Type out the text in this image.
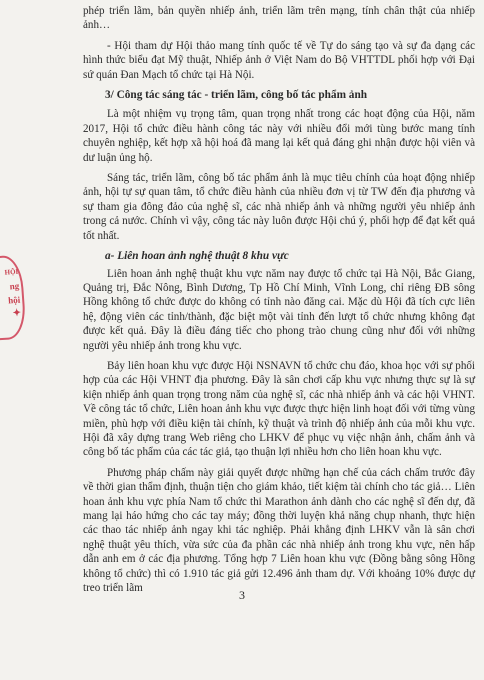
HỘI
ng
hội
✦

phép triển lãm, bản quyền nhiếp ảnh, triển lãm trên mạng, tính chân thật của nhiếp ảnh…

- Hội tham dự Hội thảo mang tính quốc tế về Tự do sáng tạo và sự đa dạng các hình thức biểu đạt Mỹ thuật, Nhiếp ảnh ở Việt Nam do Bộ VHTTDL phối hợp với Đại sứ quán Đan Mạch tổ chức tại Hà Nội.

3/ Công tác sáng tác - triển lãm, công bố tác phẩm ảnh

Là một nhiệm vụ trọng tâm, quan trọng nhất trong các hoạt động của Hội, năm 2017, Hội tổ chức điều hành công tác này với nhiều đổi mới tùng bước mang tính chuyên nghiệp, kết hợp xã hội hoá đã mang lại kết quả đáng ghi nhận được hội viên và dư luận ủng hộ.

Sáng tác, triển lãm, công bố tác phẩm ảnh là mục tiêu chính của hoạt động nhiếp ảnh, hội tự sự quan tâm, tổ chức điều hành của nhiều đơn vị từ TW đến địa phương và sự tham gia đông đảo của nghệ sĩ, các nhà nhiếp ảnh và những người yêu nhiếp ảnh trong cả nước. Chính vì vậy, công tác này luôn được Hội chú ý, phối hợp để đạt kết quả tốt nhất.

a- Liên hoan ảnh nghệ thuật 8 khu vực

Liên hoan ảnh nghệ thuật khu vực năm nay được tổ chức tại Hà Nội, Bắc Giang, Quảng trị, Đắc Nông, Bình Dương, Tp Hồ Chí Minh, Vĩnh Long, chỉ riêng ĐB sông Hồng không tổ chức được do không có tỉnh nào đăng cai. Mặc dù Hội đã tích cực liên hệ, động viên các tỉnh/thành, đặc biệt một vài tỉnh đến lượt tổ chức nhưng không đạt được kết quả. Đây là điều đáng tiếc cho phong trào chung cũng như đối với những người yêu nhiếp ảnh trong khu vực.

Bảy liên hoan khu vực được Hội NSNAVN tổ chức chu đáo, khoa học với sự phối hợp của các Hội VHNT địa phương. Đây là sân chơi cấp khu vực nhưng thực sự là sự kiện nhiếp ảnh quan trọng trong năm của nghệ sĩ, các nhà nhiếp ảnh và các hội VHNT. Về công tác tổ chức, Liên hoan ảnh khu vực được thực hiện linh hoạt đối với từng vùng miền, phù hợp với điều kiện tài chính, kỹ thuật và trình độ nhiếp ảnh của mỗi khu vực. Hội đã xây dựng trang Web riêng cho LHKV để phục vụ việc nhận ảnh, chấm ảnh và công bố tác phẩm của các tác giả, tạo thuận lợi nhiều hơn cho liên hoan khu vực.

Phương pháp chấm này giải quyết được những hạn chế của cách chấm trước đây về thời gian thẩm định, thuận tiện cho giám khảo, tiết kiệm tài chính cho tác giả… Liên hoan ảnh khu vực phía Nam tổ chức thi Marathon ảnh dành cho các nghệ sĩ đến dự, đã mang lại háo hứng cho các tay máy; đồng thời luyện khả năng chụp nhanh, thực hiện các thao tác nhiếp ảnh ngay khi tác nghiệp. Phải khẳng định LHKV vẫn là sân chơi nghệ thuật yêu thích, vừa sức của đa phần các nhà nhiếp ảnh trong khu vực, nên hấp dẫn anh em ở các địa phương. Tổng hợp 7 Liên hoan khu vực (Đồng bằng sông Hồng không tổ chức) thì có 1.910 tác giả gửi 12.496 ảnh tham dự. Với khoảng 10% được dự treo triển lãm	3
